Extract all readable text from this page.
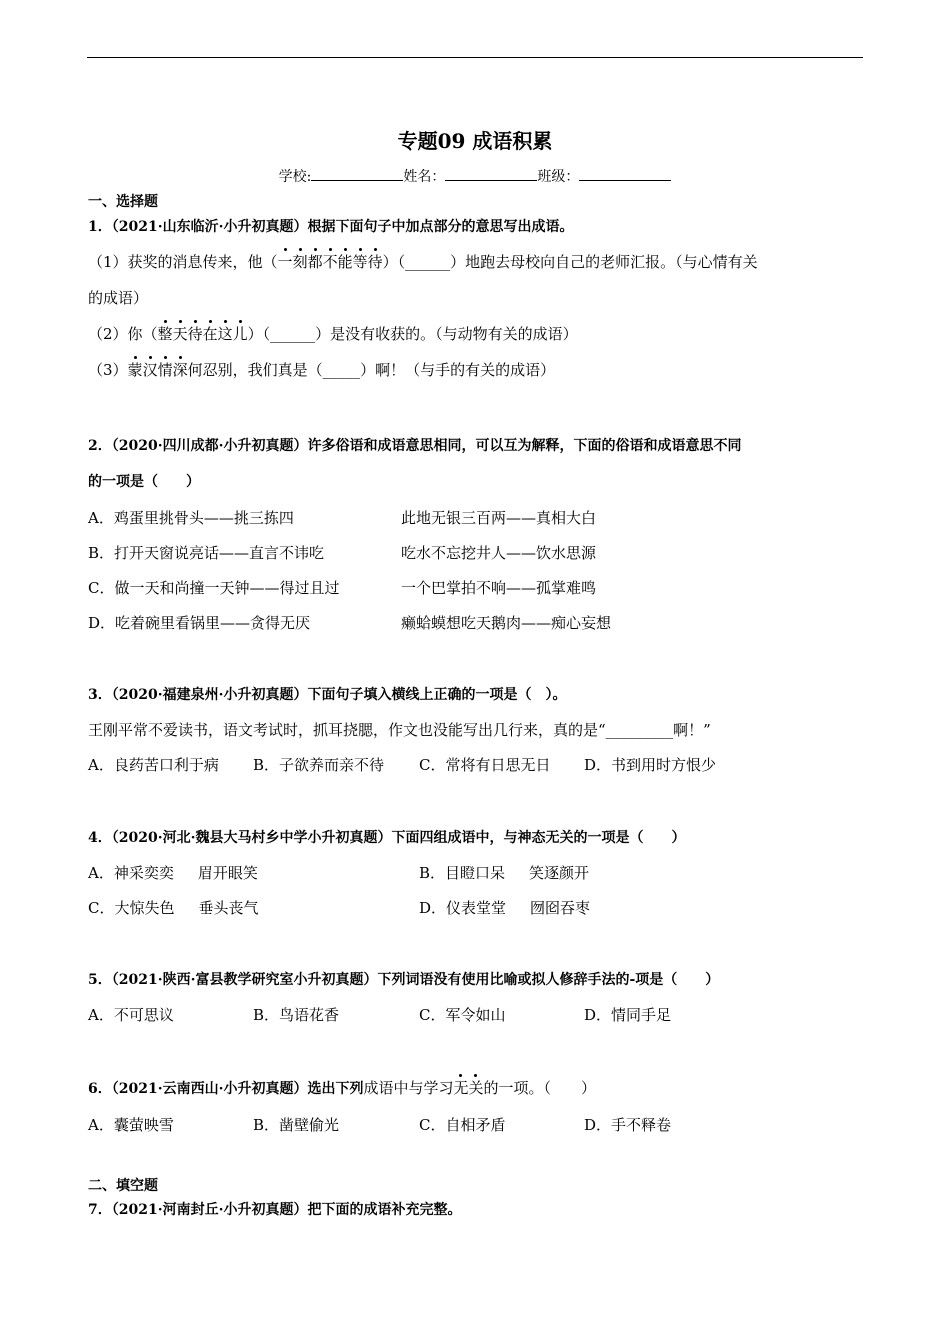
专题09 成语积累
学校:	姓名：	班级：
一、选择题
1．（2021·山东临沂·小升初真题）根据下面句子中加点部分的意思写出成语。
（1）获奖的消息传来，他（一刻都不能等待）（______）地跑去母校向自己的老师汇报。（与心情有关
的成语）
（2）你（整天待在这儿）（______）是没有收获的。（与动物有关的成语）
（3）蒙汉情深何忍别，我们真是（_____）啊！（与手的有关的成语）
2．（2020·四川成都·小升初真题）许多俗语和成语意思相同，可以互为解释，下面的俗语和成语意思不同
的一项是（　　）
A．鸡蛋里挑骨头——挑三拣四	此地无银三百两——真相大白
B．打开天窗说亮话——直言不讳吃	吃水不忘挖井人——饮水思源
C．做一天和尚撞一天钟——得过且过	一个巴掌拍不响——孤掌难鸣
D．吃着碗里看锅里——贪得无厌	癞蛤蟆想吃天鹅肉——痴心妄想
3．（2020·福建泉州·小升初真题）下面句子填入横线上正确的一项是（　）。
王刚平常不爱读书，语文考试时，抓耳挠腮，作文也没能写出几行来，真的是“_________啊！”
A．良药苦口利于病 B．子欲养而亲不待 C．常将有日思无日 D．书到用时方恨少
4．（2020·河北·魏县大马村乡中学小升初真题）下面四组成语中，与神态无关的一项是（　　）
A．神采奕奕 眉开眼笑	B．目瞪口呆 笑逐颜开
C．大惊失色 垂头丧气	D．仪表堂堂 囫囵吞枣
5．（2021·陕西·富县教学研究室小升初真题）下列词语没有使用比喻或拟人修辞手法的-项是（　　）
A．不可思议	B．鸟语花香	C．军令如山	D．情同手足
6．（2021·云南西山·小升初真题）选出下列成语中与学习无关的一项。（　　）
A．囊萤映雪	B．凿壁偷光	C．自相矛盾	D．手不释卷
二、填空题
7．（2021·河南封丘·小升初真题）把下面的成语补充完整。
